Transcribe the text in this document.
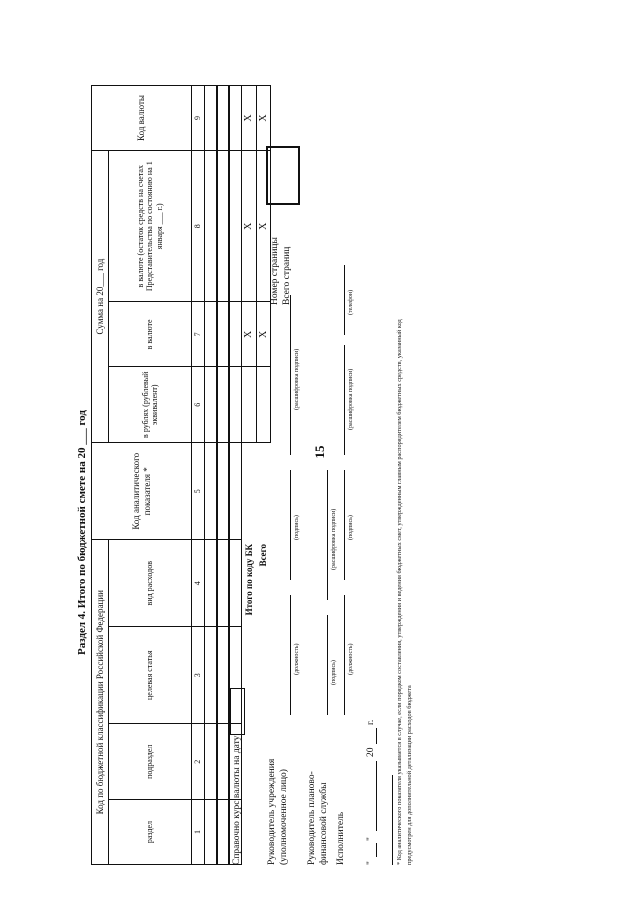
15
Раздел 4. Итого по бюджетной смете на 20 ___ год
Код по бюджетной классификации Российской Федерации				Код аналитического показателя *	Сумма на 20___ год			Код валюты
раздел	подраздел	целевая статья	вид расходов		в рублях (рублевый эквивалент)	в валюте	в валюте (остаток средств на счетах Представительства по состоянию на 1 января ___ г.)	
1	2	3	4	5	6	7	8	9

Итого по коду БК						X	X	X
Всего						X	X	X
Номер страницы Всего страниц
Справочно курс валюты на дату	Руководитель учреждения (уполномоченное лицо)
(должность)
(подпись)
(расшифровка подписи)
Руководитель планово- финансовой службы
(подпись)
(расшифровка подписи)
Исполнитель
(должность)
(подпись)
(расшифровка подписи)
(телефон)
"
"
20
г.	* Код аналитического показателя указывается в случае, если порядком составления, утверждения и ведения бюджетных смет, утвержденным главным распорядителем бюджетных средств, указанный код предусмотрен для дополнительной детализации расходов бюджета
